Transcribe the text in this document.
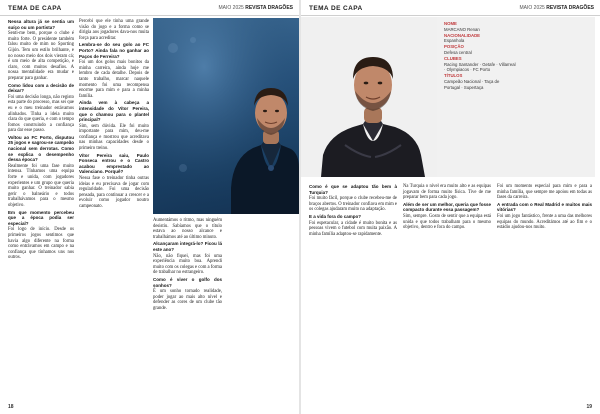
TEMA DE CAPA	MAIO 2025 REVISTA DRAGÕES

Nessa altura já se sentia um suíço ou um portista?

Senti-me bem, porque o clube é muito forte. O presidente também falou muito de mim no Sporting Gijón. Tem um estilo brilhante, e no nosso meio dos dois vieram cá; é um meio de alta competição, e claro, com muitos desafios. A nossa mentalidade era mudar e preparar para ganhar.

Como lidou com a decisão de deixar?

Foi uma decisão longa, não registo esta parte do processo, mas sei que eu e o meu treinador estávamos alinhados. Tinha a ideia muito clara do que queria, e com o tempo fomos construindo a confiança para dar esse passo.

Voltou ao FC Porto, disputou 25 jogos e sagrou-se campeão nacional sem derrotas. Como se explica o desempenho dessa época?

Realmente foi uma fase muito intensa. Tínhamos uma equipa forte e unida, com jogadores experientes e um grupo que queria muito ganhar. O treinador sabia gerir o balneário e todos trabalhávamos para o mesmo objetivo.

Em que momento percebeu que a época podia ser especial?

Foi logo de início. Desde os primeiros jogos sentimos que havia algo diferente na forma como entrávamos em campo e na confiança que tínhamos uns nos outros.

Percebi que ele tinha uma grande visão do jogo e a forma como se dirigia aos jogadores dava-nos muita força para acreditar.

Lembra-se do seu golo ao FC Porto? Ainda fala no ganhar ao Paços de Ferreira?

Foi um dos golos mais bonitos da minha carreira, ainda hoje me lembro de cada detalhe. Depois de tanto trabalho, marcar naquele momento foi uma recompensa enorme para mim e para a minha família.

Ainda vem à cabeça a intensidade do Vítor Pereira, que o chamou para o plantel principal?

Sim, sem dúvida. Ele foi muito importante para mim, deu-me confiança e mostrou que acreditava nas minhas capacidades desde o primeiro treino.

Vítor Pereira saiu, Paulo Fonseca entrou e o Castro acabou emprestado ao Valenciano. Porquê?

Nessa fase o treinador tinha outras ideias e eu precisava de jogar com regularidade. Foi uma decisão pensada, para continuar a crescer e a evoluir como jogador noutro campeonato.

Aumentámos o ritmo, mas ninguém desistiu. Sabíamos que o título estava ao nosso alcance e trabalhámos até ao último minuto.

Alcançaram integrá-lo? Ficou lá este ano?

Não, não fiquei, mas foi uma experiência muito boa. Aprendi muito com os colegas e com a forma de trabalhar no estrangeiro.

Como é viver o golfo dos sonhos?

É um sonho tornado realidade, poder jogar ao mais alto nível e defender as cores de um clube tão grande.

18
TEMA DE CAPA	MAIO 2025 REVISTA DRAGÕES
NOME
MARCANO Renan
NACIONALIDADE
Espanhola
POSIÇÃO
Defesa central
CLUBES
Racing Santander · Getafe · Villarreal · Olympiacos · FC Porto
TÍTULOS
Campeão Nacional · Taça de Portugal · Supertaça

Como é que se adaptou tão bem à Turquia?

Foi muito fácil, porque o clube recebeu-me de braços abertos. O treinador confiava em mim e os colegas ajudaram muito na adaptação.

E a vida fora do campo?

Foi espetacular, a cidade é muito bonita e as pessoas vivem o futebol com muita paixão. A minha família adaptou-se rapidamente.

Na Turquia o nível era muito alto e as equipas jogavam de forma muito física. Tive de me preparar bem para cada jogo.

Além de ser um melhor, queria que fosse compacto durante essa passagem?

Sim, sempre. Gosto de sentir que a equipa está unida e que todos trabalham para o mesmo objetivo, dentro e fora do campo.

Foi um momento especial para mim e para a minha família, que sempre me apoiou em todas as fases da carreira.

A entrada com o Real Madrid e muitos mais vitórias?

Foi um jogo fantástico, frente a uma das melhores equipas do mundo. Acreditámos até ao fim e o estádio ajudou-nos muito.

19
